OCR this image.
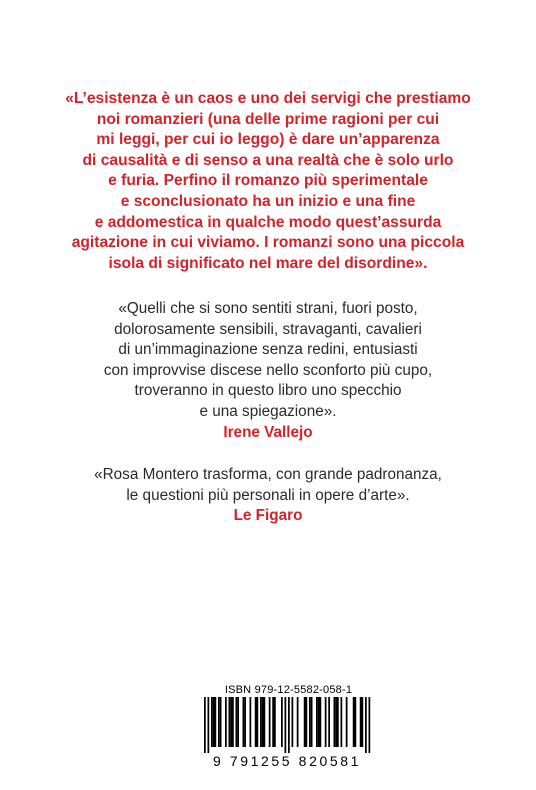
«L’esistenza è un caos e uno dei servigi che prestiamo
noi romanzieri (una delle prime ragioni per cui
mi leggi, per cui io leggo) è dare un’apparenza
di causalità e di senso a una realtà che è solo urlo
e furia. Perfino il romanzo più sperimentale
e sconclusionato ha un inizio e una fine
e addomestica in qualche modo quest’assurda
agitazione in cui viviamo. I romanzi sono una piccola
isola di significato nel mare del disordine».
«Quelli che si sono sentiti strani, fuori posto,
dolorosamente sensibili, stravaganti, cavalieri
di un’immaginazione senza redini, entusiasti
con improvvise discese nello sconforto più cupo,
troveranno in questo libro uno specchio
e una spiegazione».
Irene Vallejo
«Rosa Montero trasforma, con grande padronanza,
le questioni più personali in opere d’arte».
Le Figaro
ISBN 979-12-5582-058-1
9 791255 820581
